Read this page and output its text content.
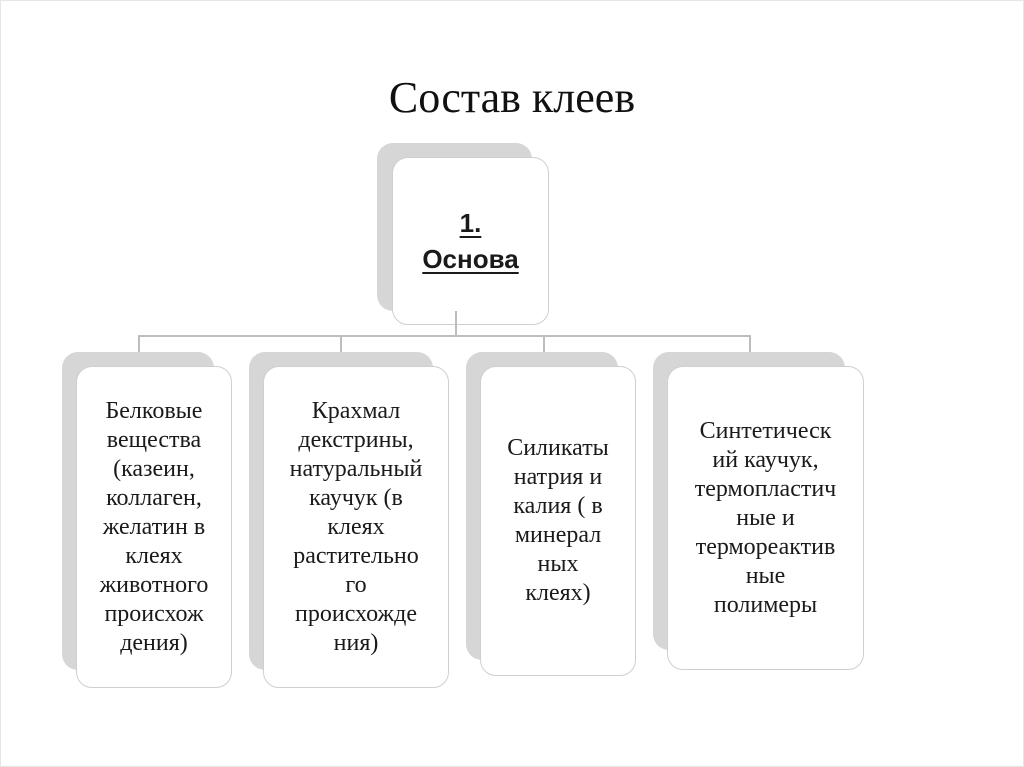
Состав клеев
1.
Основа
Белковые
вещества
(казеин,
коллаген,
желатин в
клеях
животного
происхож
дения)
Крахмал
декстрины,
натуральный
каучук (в
клеях
растительно
го
происхожде
ния)
Силикаты
натрия и
калия ( в
минерал
ных
клеях)
Синтетическ
ий каучук,
термопластич
ные и
термореактив
ные
полимеры
